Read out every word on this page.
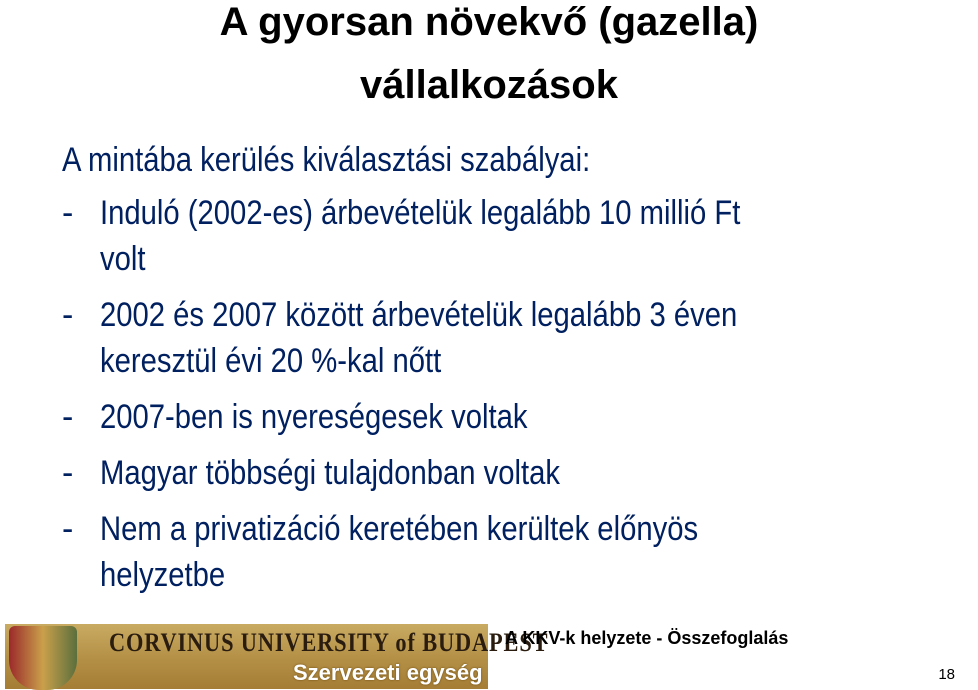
A gyorsan növekvő (gazella)
vállalkozások
A mintába kerülés kiválasztási szabályai:
- Induló (2002-es) árbevételük legalább 10 millió Ft
volt
- 2002 és 2007 között árbevételük legalább 3 éven
keresztül évi 20 %-kal nőtt
- 2007-ben is nyereségesek voltak
- Magyar többségi tulajdonban voltak
- Nem a privatizáció keretében kerültek előnyös
helyzetbe
CORVINUS UNIVERSITY of BUDAPEST
Szervezeti egység
A KKV-k helyzete - Összefoglalás
18
